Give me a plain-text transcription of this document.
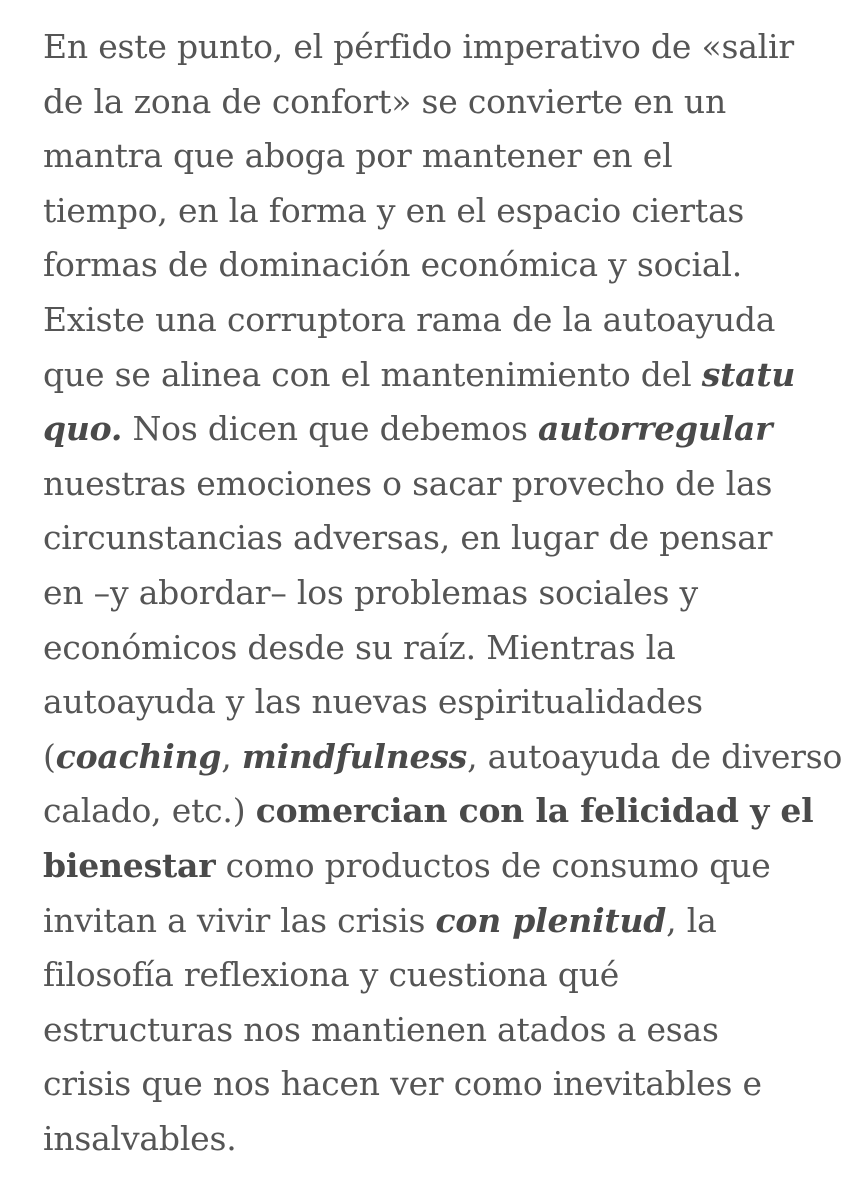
En este punto, el pérfido imperativo de «salir
de la zona de confort» se convierte en un
mantra que aboga por mantener en el
tiempo, en la forma y en el espacio ciertas
formas de dominación económica y social.
Existe una corruptora rama de la autoayuda
que se alinea con el mantenimiento del statu
quo. Nos dicen que debemos autorregular
nuestras emociones o sacar provecho de las
circunstancias adversas, en lugar de pensar
en –y abordar– los problemas sociales y
económicos desde su raíz. Mientras la
autoayuda y las nuevas espiritualidades
(coaching, mindfulness, autoayuda de diverso
calado, etc.) comercian con la felicidad y el
bienestar como productos de consumo que
invitan a vivir las crisis con plenitud, la
filosofía reflexiona y cuestiona qué
estructuras nos mantienen atados a esas
crisis que nos hacen ver como inevitables e
insalvables.
